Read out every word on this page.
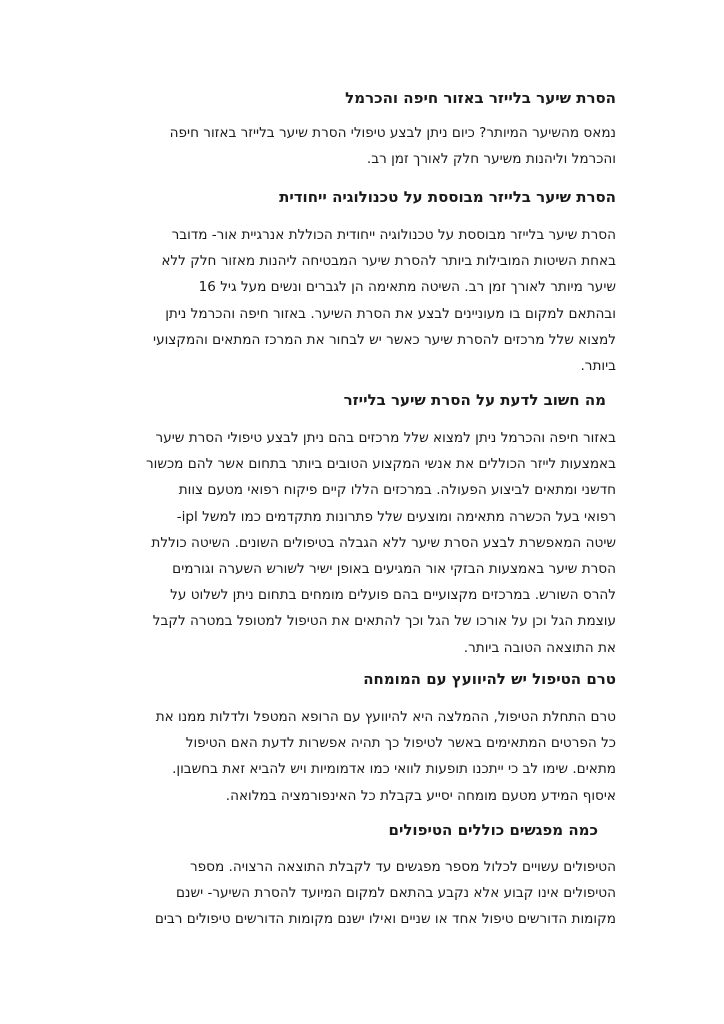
הסרת שיער בלייזר באזור חיפה והכרמל
נמאס מהשיער המיותר? כיום ניתן לבצע טיפולי הסרת שיער בלייזר באזור חיפה
והכרמל וליהנות משיער חלק לאורך זמן רב.
הסרת שיער בלייזר מבוססת על טכנולוגיה ייחודית
הסרת שיער בלייזר מבוססת על טכנולוגיה ייחודית הכוללת אנרגיית אור- מדובר
באחת השיטות המובילות ביותר להסרת שיער המבטיחה ליהנות מאזור חלק ללא
שיער מיותר לאורך זמן רב. השיטה מתאימה הן לגברים ונשים מעל גיל 16
ובהתאם למקום בו מעוניינים לבצע את הסרת השיער. באזור חיפה והכרמל ניתן
למצוא שלל מרכזים להסרת שיער כאשר יש לבחור את המרכז המתאים והמקצועי
ביותר.
מה חשוב לדעת על הסרת שיער בלייזר
באזור חיפה והכרמל ניתן למצוא שלל מרכזים בהם ניתן לבצע טיפולי הסרת שיער
באמצעות לייזר הכוללים את אנשי המקצוע הטובים ביותר בתחום אשר להם מכשור
חדשני ומתאים לביצוע הפעולה. במרכזים הללו קיים פיקוח רפואי מטעם צוות
רפואי בעל הכשרה מתאימה ומוצעים שלל פתרונות מתקדמים כמו למשל ipl-
שיטה המאפשרת לבצע הסרת שיער ללא הגבלה בטיפולים השונים. השיטה כוללת
הסרת שיער באמצעות הבזקי אור המגיעים באופן ישיר לשורש השערה וגורמים
להרס השורש. במרכזים מקצועיים בהם פועלים מומחים בתחום ניתן לשלוט על
עוצמת הגל וכן על אורכו של הגל וכך להתאים את הטיפול למטופל במטרה לקבל
את התוצאה הטובה ביותר.
טרם הטיפול יש להיוועץ עם המומחה
טרם התחלת הטיפול, ההמלצה היא להיוועץ עם הרופא המטפל ולדלות ממנו את
כל הפרטים המתאימים באשר לטיפול כך תהיה אפשרות לדעת האם הטיפול
מתאים. שימו לב כי ייתכנו תופעות לוואי כמו אדמומיות ויש להביא זאת בחשבון.
איסוף המידע מטעם מומחה יסייע בקבלת כל האינפורמציה במלואה.
כמה מפגשים כוללים הטיפולים
הטיפולים עשויים לכלול מספר מפגשים עד לקבלת התוצאה הרצויה. מספר
הטיפולים אינו קבוע אלא נקבע בהתאם למקום המיועד להסרת השיער- ישנם
מקומות הדורשים טיפול אחד או שניים ואילו ישנם מקומות הדורשים טיפולים רבים
